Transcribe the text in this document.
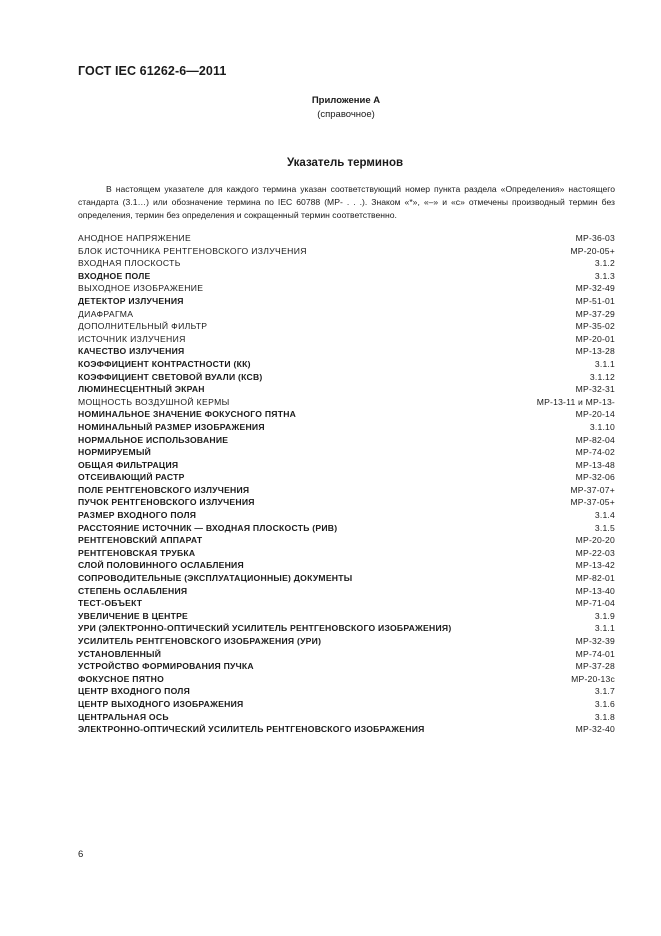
ГОСТ IEC 61262-6—2011
Приложение А
(справочное)
Указатель терминов

В настоящем указателе для каждого термина указан соответствующий номер пункта раздела «Определения» настоящего стандарта (3.1…) или обозначение термина по IEC 60788 (MP- . . .). Знаком «*», «–» и «с» отмечены производный термин без определения, термин без определения и сокращенный термин соответственно.

АНОДНОЕ НАПРЯЖЕНИЕ	МР-36-03
БЛОК ИСТОЧНИКА РЕНТГЕНОВСКОГО ИЗЛУЧЕНИЯ	МР-20-05+
ВХОДНАЯ ПЛОСКОСТЬ	3.1.2
ВХОДНОЕ ПОЛЕ	3.1.3
ВЫХОДНОЕ ИЗОБРАЖЕНИЕ	МР-32-49
ДЕТЕКТОР ИЗЛУЧЕНИЯ	МР-51-01
ДИАФРАГМА	МР-37-29
ДОПОЛНИТЕЛЬНЫЙ ФИЛЬТР	МР-35-02
ИСТОЧНИК ИЗЛУЧЕНИЯ	МР-20-01
КАЧЕСТВО ИЗЛУЧЕНИЯ	МР-13-28
КОЭФФИЦИЕНТ КОНТРАСТНОСТИ (КК)	3.1.1
КОЭФФИЦИЕНТ СВЕТОВОЙ ВУАЛИ (КСВ)	3.1.12
ЛЮМИНЕСЦЕНТНЫЙ ЭКРАН	МР-32-31
МОЩНОСТЬ ВОЗДУШНОЙ КЕРМЫ	МР-13-11 и МР-13-
НОМИНАЛЬНОЕ ЗНАЧЕНИЕ ФОКУСНОГО ПЯТНА	МР-20-14
НОМИНАЛЬНЫЙ РАЗМЕР ИЗОБРАЖЕНИЯ	3.1.10
НОРМАЛЬНОЕ ИСПОЛЬЗОВАНИЕ	МР-82-04
НОРМИРУЕМЫЙ	МР-74-02
ОБЩАЯ ФИЛЬТРАЦИЯ	МР-13-48
ОТСЕИВАЮЩИЙ РАСТР	МР-32-06
ПОЛЕ РЕНТГЕНОВСКОГО ИЗЛУЧЕНИЯ	МР-37-07+
ПУЧОК РЕНТГЕНОВСКОГО ИЗЛУЧЕНИЯ	МР-37-05+
РАЗМЕР ВХОДНОГО ПОЛЯ	3.1.4
РАССТОЯНИЕ ИСТОЧНИК — ВХОДНАЯ ПЛОСКОСТЬ (РИВ)	3.1.5
РЕНТГЕНОВСКИЙ АППАРАТ	МР-20-20
РЕНТГЕНОВСКАЯ ТРУБКА	МР-22-03
СЛОЙ ПОЛОВИННОГО ОСЛАБЛЕНИЯ	МР-13-42
СОПРОВОДИТЕЛЬНЫЕ (ЭКСПЛУАТАЦИОННЫЕ) ДОКУМЕНТЫ	МР-82-01
СТЕПЕНЬ ОСЛАБЛЕНИЯ	МР-13-40
ТЕСТ-ОБЪЕКТ	МР-71-04
УВЕЛИЧЕНИЕ В ЦЕНТРЕ	3.1.9
УРИ (ЭЛЕКТРОННО-ОПТИЧЕСКИЙ УСИЛИТЕЛЬ РЕНТГЕНОВСКОГО ИЗОБРАЖЕНИЯ)	3.1.1
УСИЛИТЕЛЬ РЕНТГЕНОВСКОГО ИЗОБРАЖЕНИЯ (УРИ)	МР-32-39
УСТАНОВЛЕННЫЙ	МР-74-01
УСТРОЙСТВО ФОРМИРОВАНИЯ ПУЧКА	МР-37-28
ФОКУСНОЕ ПЯТНО	МР-20-13с
ЦЕНТР ВХОДНОГО ПОЛЯ	3.1.7
ЦЕНТР ВЫХОДНОГО ИЗОБРАЖЕНИЯ	3.1.6
ЦЕНТРАЛЬНАЯ ОСЬ	3.1.8
ЭЛЕКТРОННО-ОПТИЧЕСКИЙ УСИЛИТЕЛЬ РЕНТГЕНОВСКОГО ИЗОБРАЖЕНИЯ	МР-32-40
6
